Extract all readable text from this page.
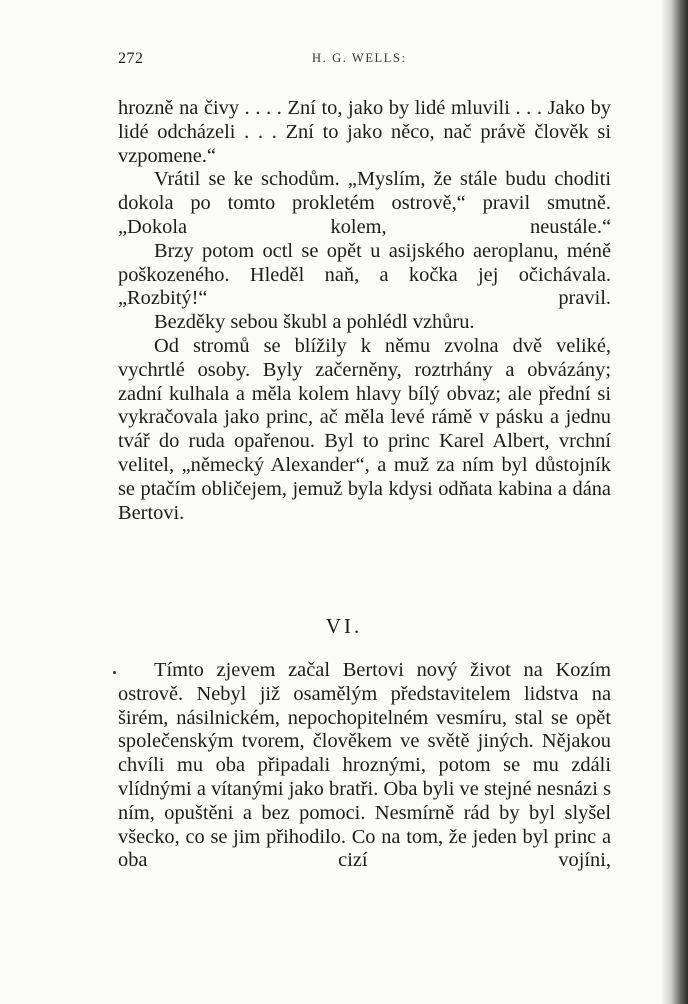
272	H. G. WELLS:

hrozně na čivy . . . . Zní to, jako by lidé mluvili . . . Jako by lidé odcházeli . . . Zní to jako něco, nač právě člověk si vzpomene.“

Vrátil se ke schodům. „Myslím, že stále budu choditi dokola po tomto prokletém ostrově,“ pravil smutně. „Dokola kolem, neustále.“

Brzy potom octl se opět u asijského aeroplanu, méně poškozeného. Hleděl naň, a kočka jej očichávala. „Rozbitý!“ pravil.

Bezděky sebou škubl a pohlédl vzhůru.

Od stromů se blížily k němu zvolna dvě veliké, vychrtlé osoby. Byly začerněny, roztrhány a obvázány; zadní kulhala a měla kolem hlavy bílý obvaz; ale přední si vykračovala jako princ, ač měla levé rámě v pásku a jednu tvář do ruda opařenou. Byl to princ Karel Albert, vrchní velitel, „německý Alexander“, a muž za ním byl důstojník se ptačím obličejem, jemuž byla kdysi odňata kabina a dána Bertovi.

VI.

Tímto zjevem začal Bertovi nový život na Kozím ostrově. Nebyl již osamělým představitelem lidstva na širém, násilnickém, nepochopitelném vesmíru, stal se opět společenským tvorem, člověkem ve světě jiných. Nějakou chvíli mu oba připadali hroznými, potom se mu zdáli vlídnými a vítanými jako bratři. Oba byli ve stejné nesnázi s ním, opuštěni a bez pomoci. Nesmírně rád by byl slyšel všecko, co se jim přihodilo. Co na tom, že jeden byl princ a oba cizí vojíni,
